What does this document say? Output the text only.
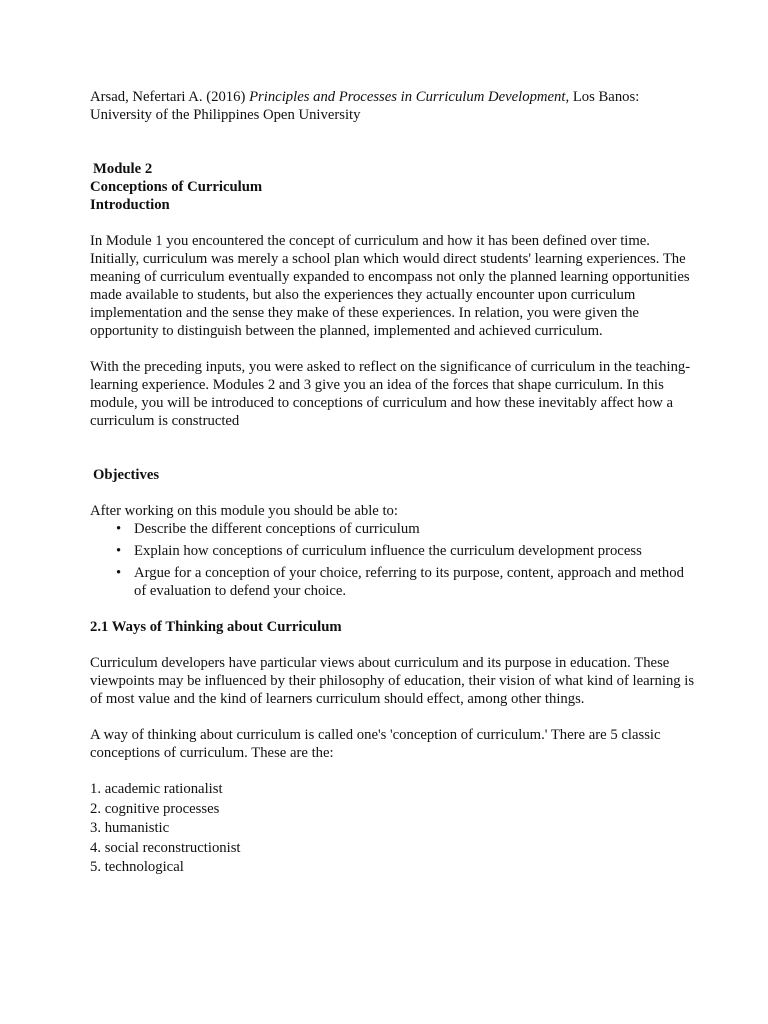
Arsad, Nefertari A. (2016) Principles and Processes in Curriculum Development, Los Banos: University of the Philippines Open University

Module 2
Conceptions of Curriculum
Introduction

In Module 1 you encountered the concept of curriculum and how it has been defined over time. Initially, curriculum was merely a school plan which would direct students' learning experiences. The meaning of curriculum eventually expanded to encompass not only the planned learning opportunities made available to students, but also the experiences they actually encounter upon curriculum implementation and the sense they make of these experiences. In relation, you were given the opportunity to distinguish between the planned, implemented and achieved curriculum.

With the preceding inputs, you were asked to reflect on the significance of curriculum in the teaching-learning experience. Modules 2 and 3 give you an idea of the forces that shape curriculum. In this module, you will be introduced to conceptions of curriculum and how these inevitably affect how a curriculum is constructed

Objectives

After working on this module you should be able to:

• Describe the different conceptions of curriculum
• Explain how conceptions of curriculum influence the curriculum development process
• Argue for a conception of your choice, referring to its purpose, content, approach and method of evaluation to defend your choice.
2.1 Ways of Thinking about Curriculum

Curriculum developers have particular views about curriculum and its purpose in education. These viewpoints may be influenced by their philosophy of education, their vision of what kind of learning is of most value and the kind of learners curriculum should effect, among other things.

A way of thinking about curriculum is called one's 'conception of curriculum.' There are 5 classic conceptions of curriculum. These are the:

1. academic rationalist
2. cognitive processes
3. humanistic
4. social reconstructionist
5. technological
